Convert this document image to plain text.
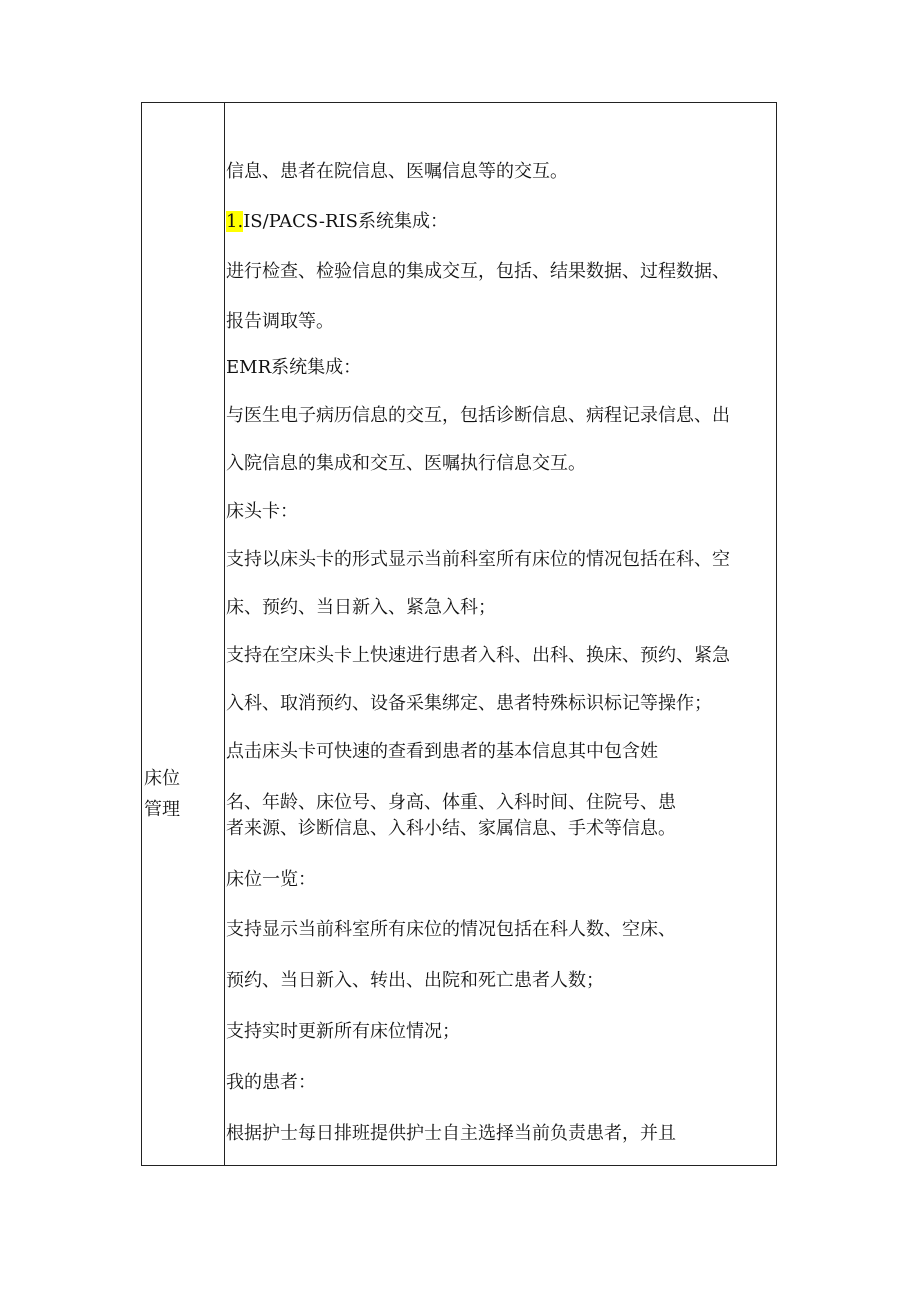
床位
管理
信息、患者在院信息、医嘱信息等的交互。
1.IS/PACS-RIS系统集成：
进行检查、检验信息的集成交互，包括、结果数据、过程数据、
报告调取等。
EMR系统集成：
与医生电子病历信息的交互，包括诊断信息、病程记录信息、出
入院信息的集成和交互、医嘱执行信息交互。
床头卡：
支持以床头卡的形式显示当前科室所有床位的情况包括在科、空
床、预约、当日新入、紧急入科；
支持在空床头卡上快速进行患者入科、出科、换床、预约、紧急
入科、取消预约、设备采集绑定、患者特殊标识标记等操作；
点击床头卡可快速的查看到患者的基本信息其中包含姓
名、年龄、床位号、身高、体重、入科时间、住院号、患
者来源、诊断信息、入科小结、家属信息、手术等信息。
床位一览：
支持显示当前科室所有床位的情况包括在科人数、空床、
预约、当日新入、转出、出院和死亡患者人数；
支持实时更新所有床位情况；
我的患者：
根据护士每日排班提供护士自主选择当前负责患者，并且
